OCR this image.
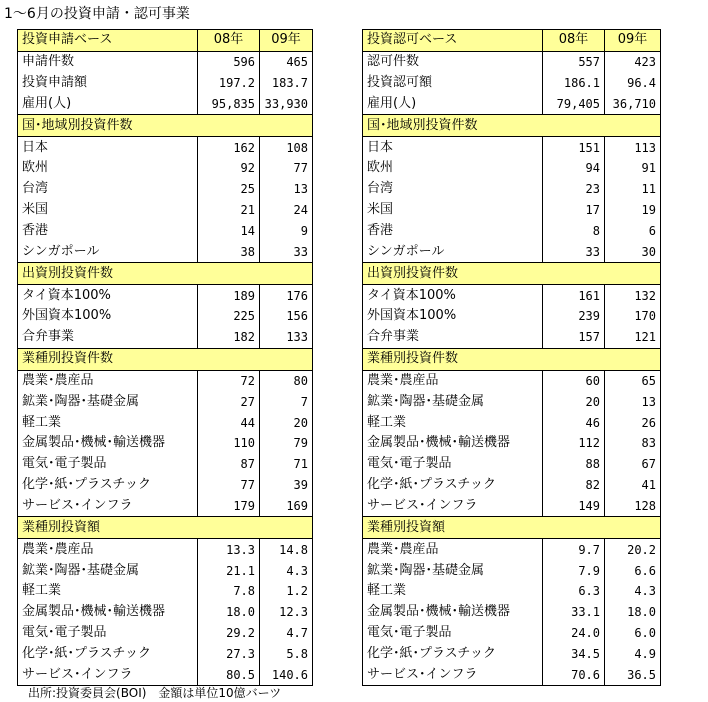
1～6月の投資申請・認可事業
投資申請ベース	08年	09年
申請件数	596	465
投資申請額	197.2	183.7
雇用(人)	95,835	33,930
国･地域別投資件数		
日本	162	108
欧州	92	77
台湾	25	13
米国	21	24
香港	14	9
シンガポール	38	33
出資別投資件数		
タイ資本100%	189	176
外国資本100%	225	156
合弁事業	182	133
業種別投資件数		
農業･農産品	72	80
鉱業･陶器･基礎金属	27	7
軽工業	44	20
金属製品･機械･輸送機器	110	79
電気･電子製品	87	71
化学･紙･プラスチック	77	39
サービス･インフラ	179	169
業種別投資額		
農業･農産品	13.3	14.8
鉱業･陶器･基礎金属	21.1	4.3
軽工業	7.8	1.2
金属製品･機械･輸送機器	18.0	12.3
電気･電子製品	29.2	4.7
化学･紙･プラスチック	27.3	5.8
サービス･インフラ	80.5	140.6
投資認可ベース	08年	09年
認可件数	557	423
投資認可額	186.1	96.4
雇用(人)	79,405	36,710
国･地域別投資件数		
日本	151	113
欧州	94	91
台湾	23	11
米国	17	19
香港	8	6
シンガポール	33	30
出資別投資件数		
タイ資本100%	161	132
外国資本100%	239	170
合弁事業	157	121
業種別投資件数		
農業･農産品	60	65
鉱業･陶器･基礎金属	20	13
軽工業	46	26
金属製品･機械･輸送機器	112	83
電気･電子製品	88	67
化学･紙･プラスチック	82	41
サービス･インフラ	149	128
業種別投資額		
農業･農産品	9.7	20.2
鉱業･陶器･基礎金属	7.9	6.6
軽工業	6.3	4.3
金属製品･機械･輸送機器	33.1	18.0
電気･電子製品	24.0	6.0
化学･紙･プラスチック	34.5	4.9
サービス･インフラ	70.6	36.5
出所:投資委員会(BOI)　金額は単位10億バーツ
